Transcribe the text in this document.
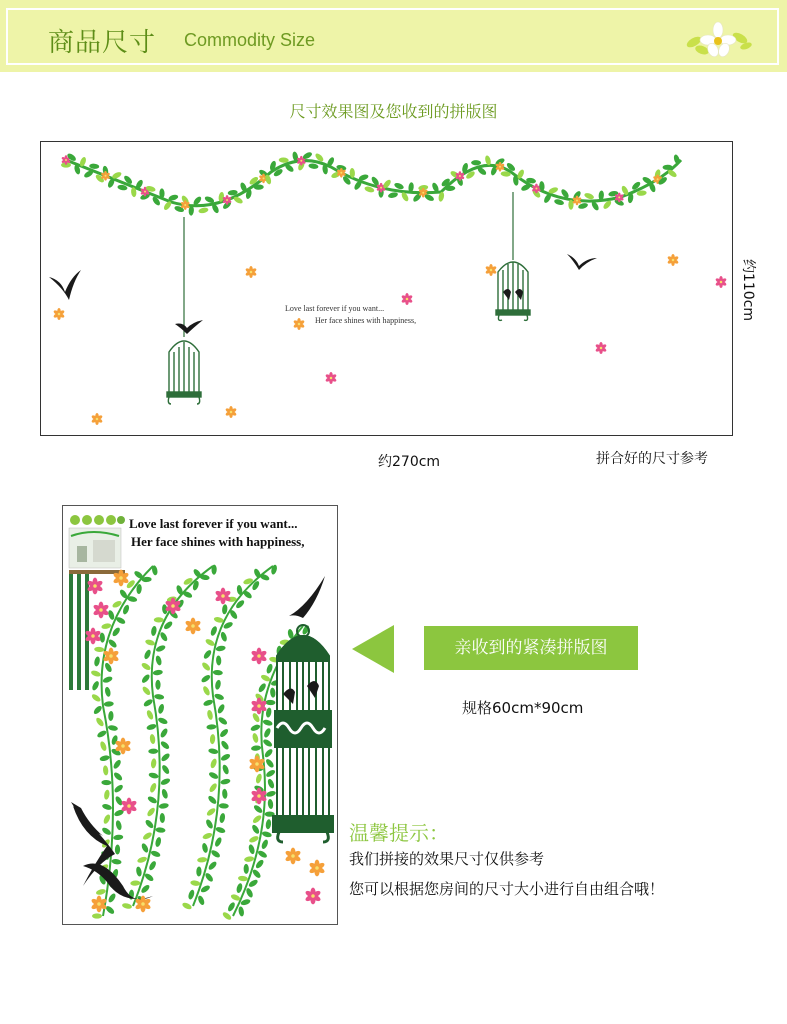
商品尺寸 Commodity Size
尺寸效果图及您收到的拼版图
Love last forever if you want...
Her face shines with happiness,	约110cm
约270cm	拼合好的尺寸参考
Love last forever if you want...
Her face shines with happiness,
亲收到的紧凑拼版图
规格60cm*90cm
温馨提示：
我们拼接的效果尺寸仅供参考
您可以根据您房间的尺寸大小进行自由组合哦！
